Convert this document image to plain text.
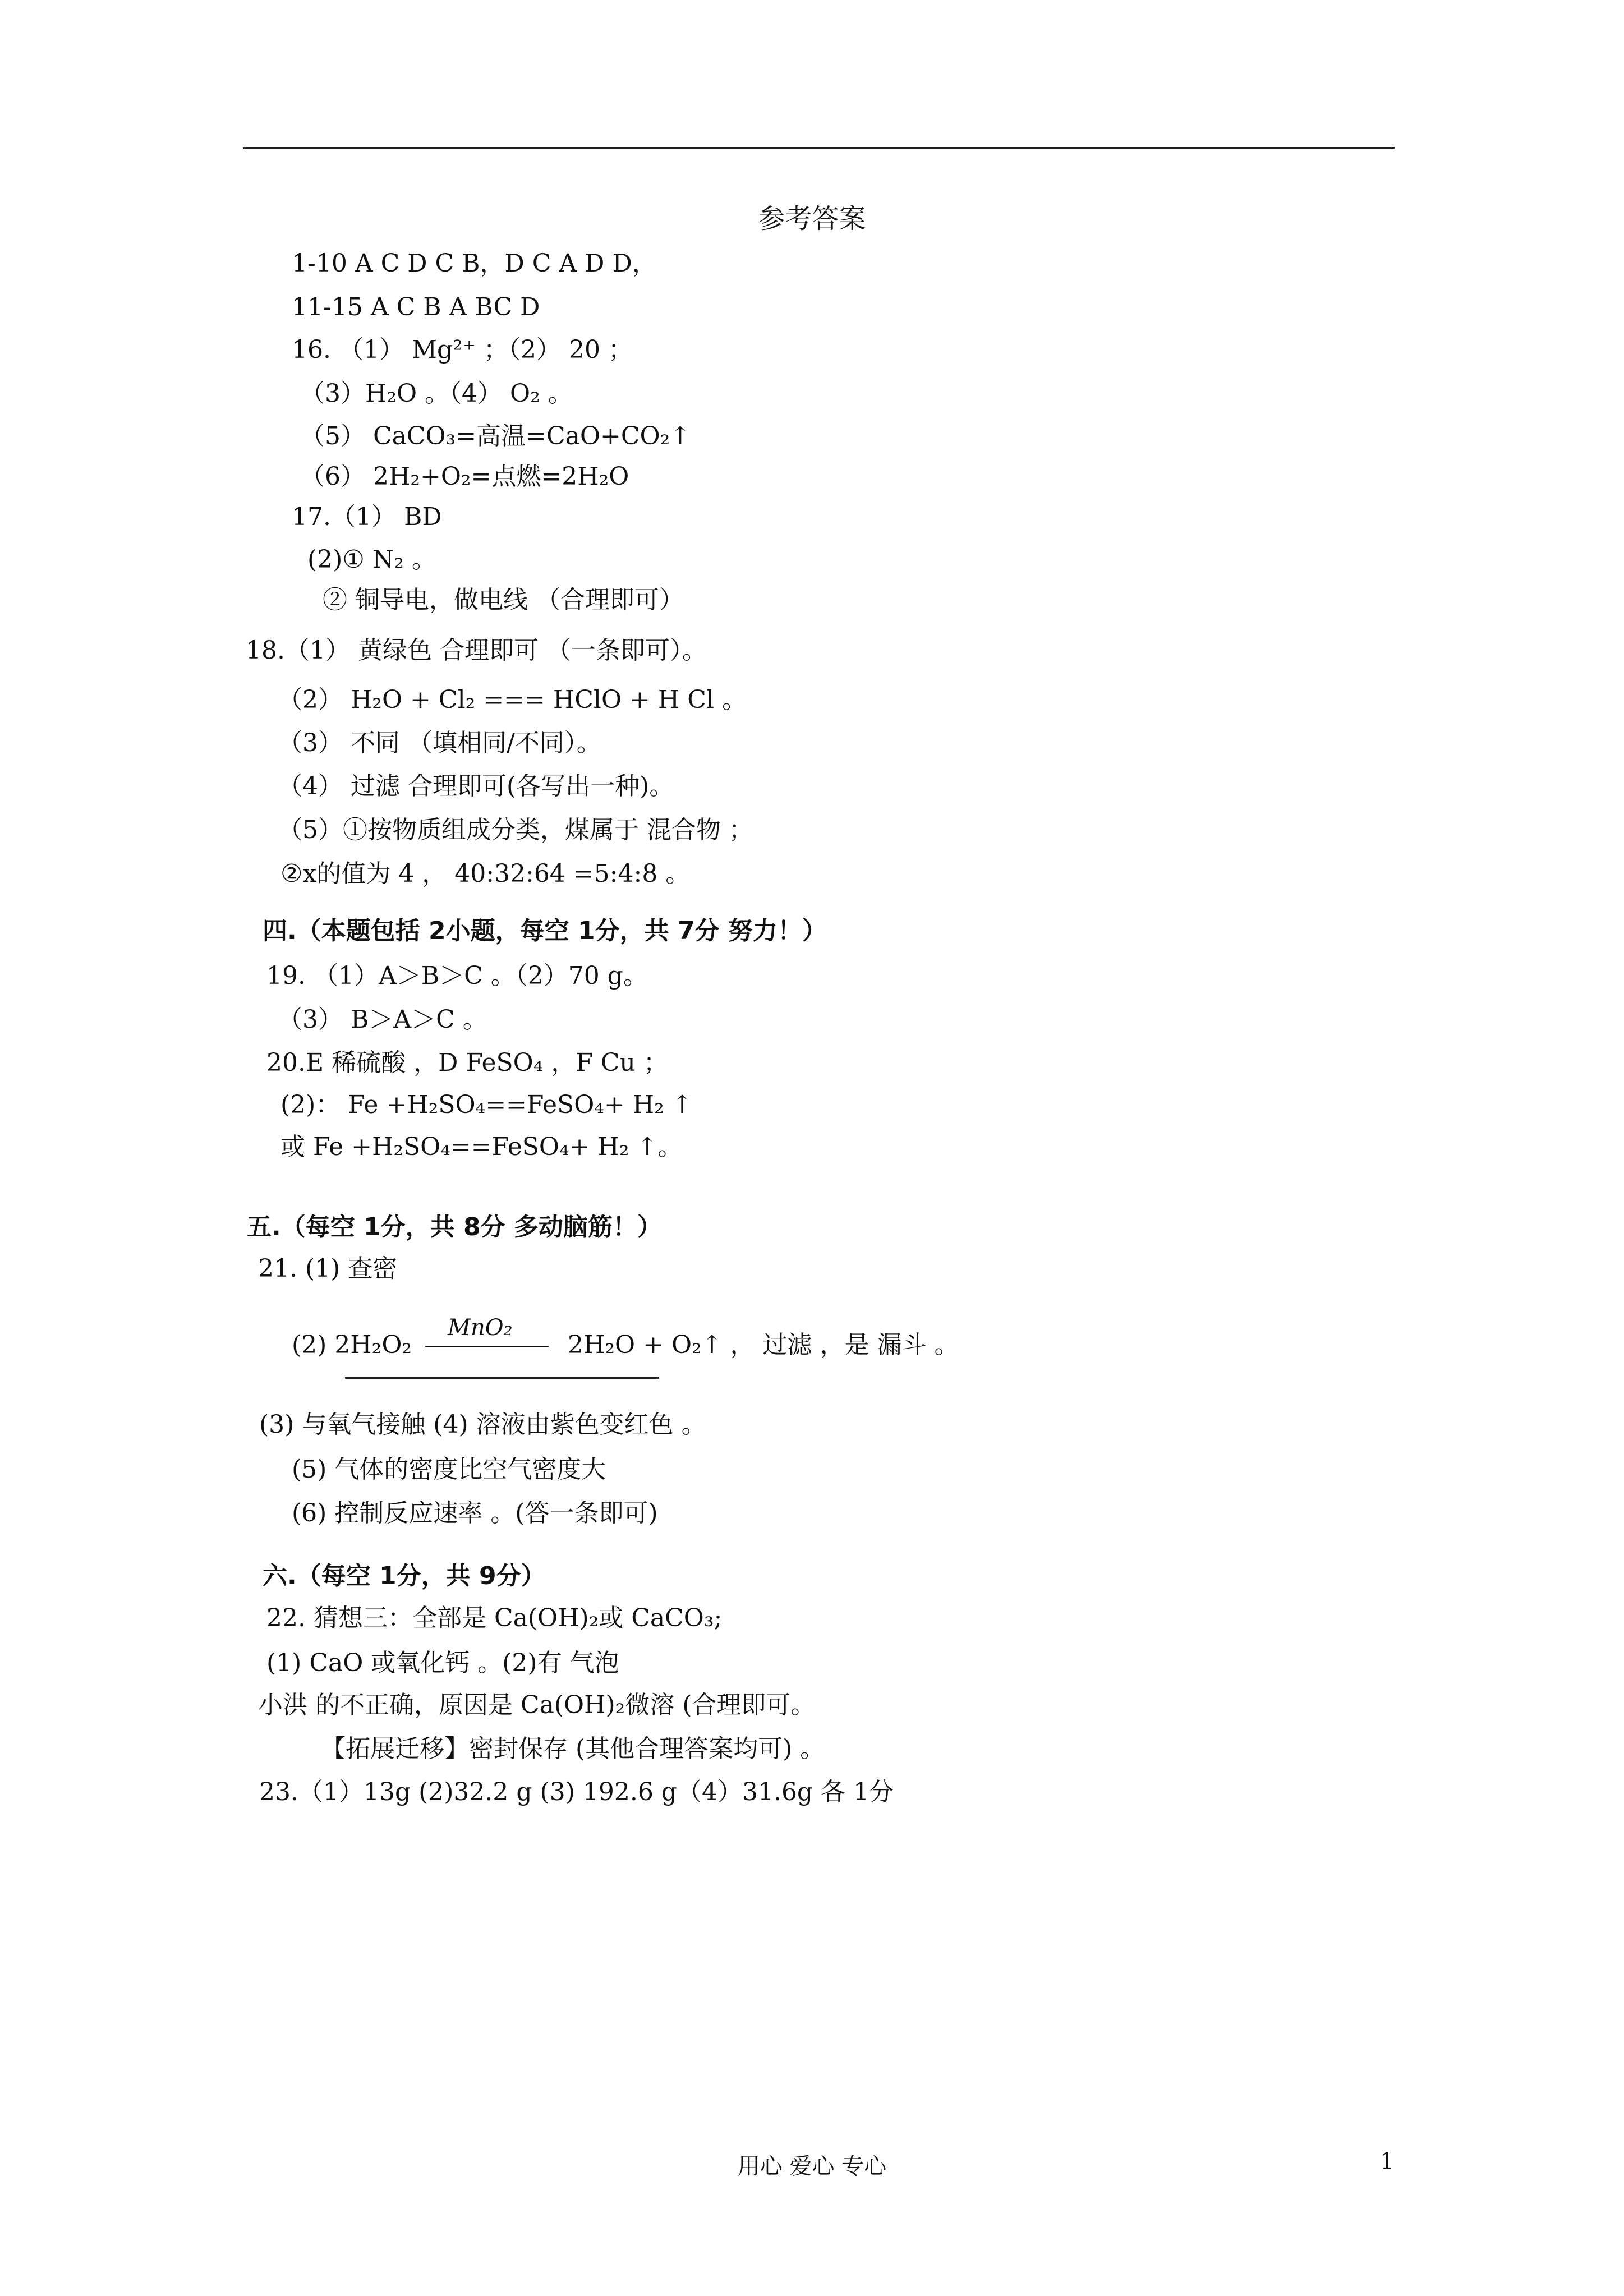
参考答案
1-10 A C D C B，D C A D D，
11-15 A C B A BC D
16. （1） Mg²⁺ ；（2） 20 ；
（3）H₂O 。（4） O₂ 。
（5） CaCO₃=高温=CaO+CO₂↑
（6） 2H₂+O₂=点燃=2H₂O
17.（1） BD
(2)① N₂ 。
② 铜导电，做电线 （合理即可）
18.（1） 黄绿色 合理即可 （一条即可）。
（2） H₂O + Cl₂ === HClO + H Cl 。
（3） 不同 （填相同/不同）。
（4） 过滤 合理即可(各写出一种)。
（5）①按物质组成分类，煤属于 混合物 ；
②x的值为 4 ， 40:32:64 =5:4:8 。
四.（本题包括 2小题，每空 1分，共 7分 努力！）
19. （1）A＞B＞C 。（2）70 g。
（3） B＞A＞C 。
20.E 稀硫酸 ，D FeSO₄ ，F Cu ；
(2)： Fe +H₂SO₄==FeSO₄+ H₂ ↑
或 Fe +H₂SO₄==FeSO₄+ H₂ ↑。
五.（每空 1分，共 8分 多动脑筋！）
21. (1) 查密
(2) 2H₂O₂
MnO₂
2H₂O + O₂↑ ， 过滤 ，是 漏斗 。
(3) 与氧气接触 (4) 溶液由紫色变红色 。
(5) 气体的密度比空气密度大
(6) 控制反应速率 。(答一条即可)
六.（每空 1分，共 9分）
22. 猜想三：全部是 Ca(OH)₂或 CaCO₃;
(1) CaO 或氧化钙 。(2)有 气泡
小洪 的不正确，原因是 Ca(OH)₂微溶 (合理即可。
【拓展迁移】密封保存 (其他合理答案均可) 。
23.（1）13g (2)32.2 g (3) 192.6 g（4）31.6g 各 1分
用心 爱心 专心	1
